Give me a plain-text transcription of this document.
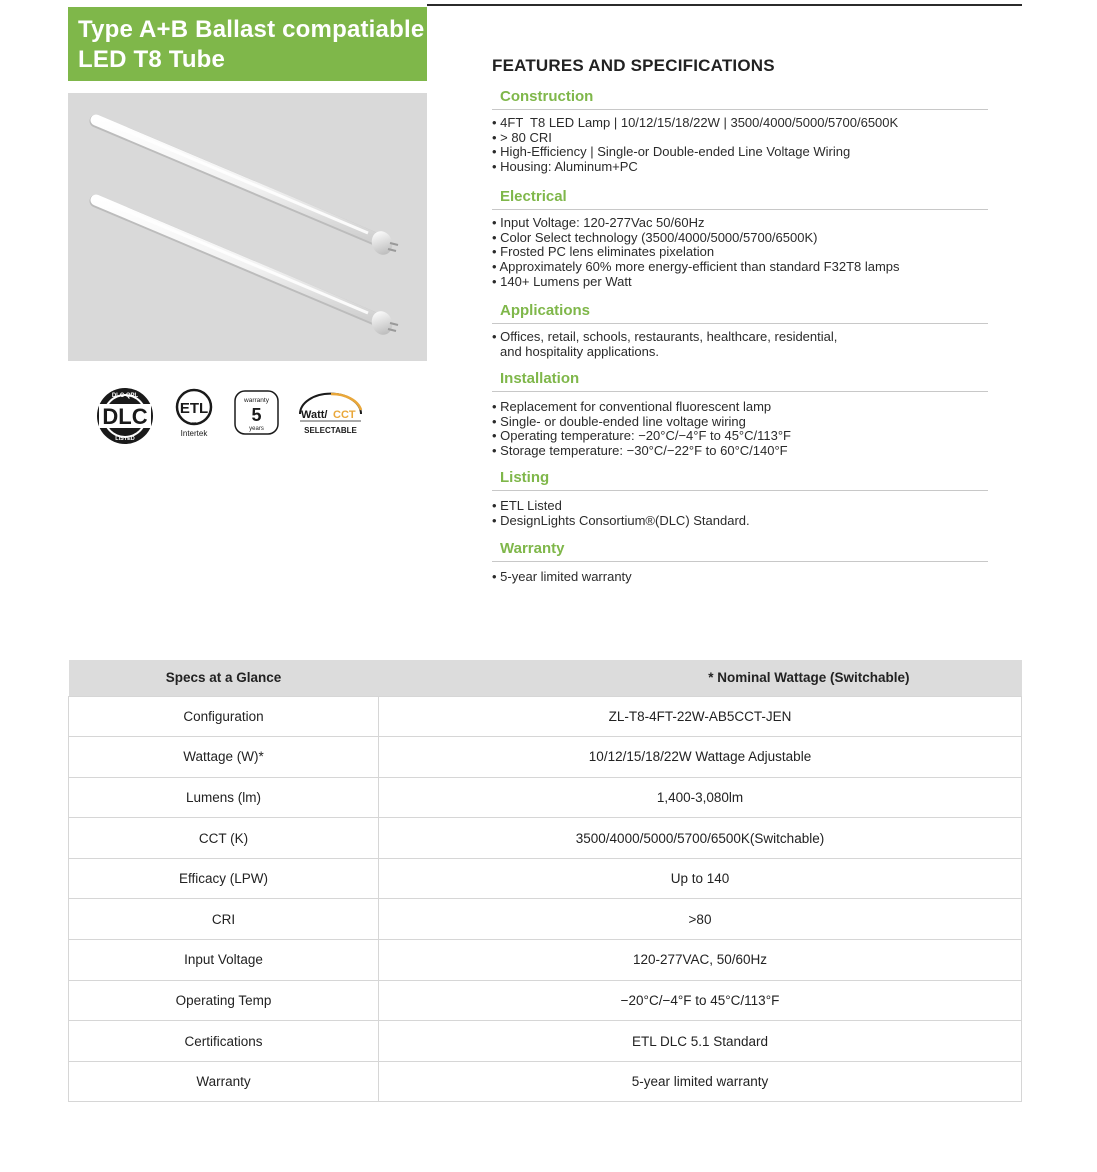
Type A+B Ballast compatiable
LED T8 Tube
DLC QPL
LISTED
DLC ETL
us
Intertek
warranty
5
years
Watt/ CCT
SELECTABLE
FEATURES AND SPECIFICATIONS
Construction
• 4FT  T8 LED Lamp | 10/12/15/18/22W | 3500/4000/5000/5700/6500K
• > 80 CRI
• High-Efficiency | Single-or Double-ended Line Voltage Wiring
• Housing: Aluminum+PC
Electrical
• Input Voltage: 120-277Vac 50/60Hz
• Color Select technology (3500/4000/5000/5700/6500K)
• Frosted PC lens eliminates pixelation
• Approximately 60% more energy-efficient than standard F32T8 lamps
• 140+ Lumens per Watt
Applications
• Offices, retail, schools, restaurants, healthcare, residential,
and hospitality applications.
Installation
• Replacement for conventional fluorescent lamp
• Single- or double-ended line voltage wiring
• Operating temperature: −20°C/−4°F to 45°C/113°F
• Storage temperature: −30°C/−22°F to 60°C/140°F
Listing
• ETL Listed
• DesignLights Consortium®(DLC) Standard.
Warranty
• 5-year limited warranty
Specs at a Glance	* Nominal Wattage (Switchable)
Configuration	ZL-T8-4FT-22W-AB5CCT-JEN
Wattage (W)*	10/12/15/18/22W Wattage Adjustable
Lumens (lm)	1,400-3,080lm
CCT (K)	3500/4000/5000/5700/6500K(Switchable)
Efficacy (LPW)	Up to 140
CRI	>80
Input Voltage	120-277VAC, 50/60Hz
Operating Temp	−20°C/−4°F to 45°C/113°F
Certifications	ETL DLC 5.1 Standard
Warranty	5-year limited warranty
